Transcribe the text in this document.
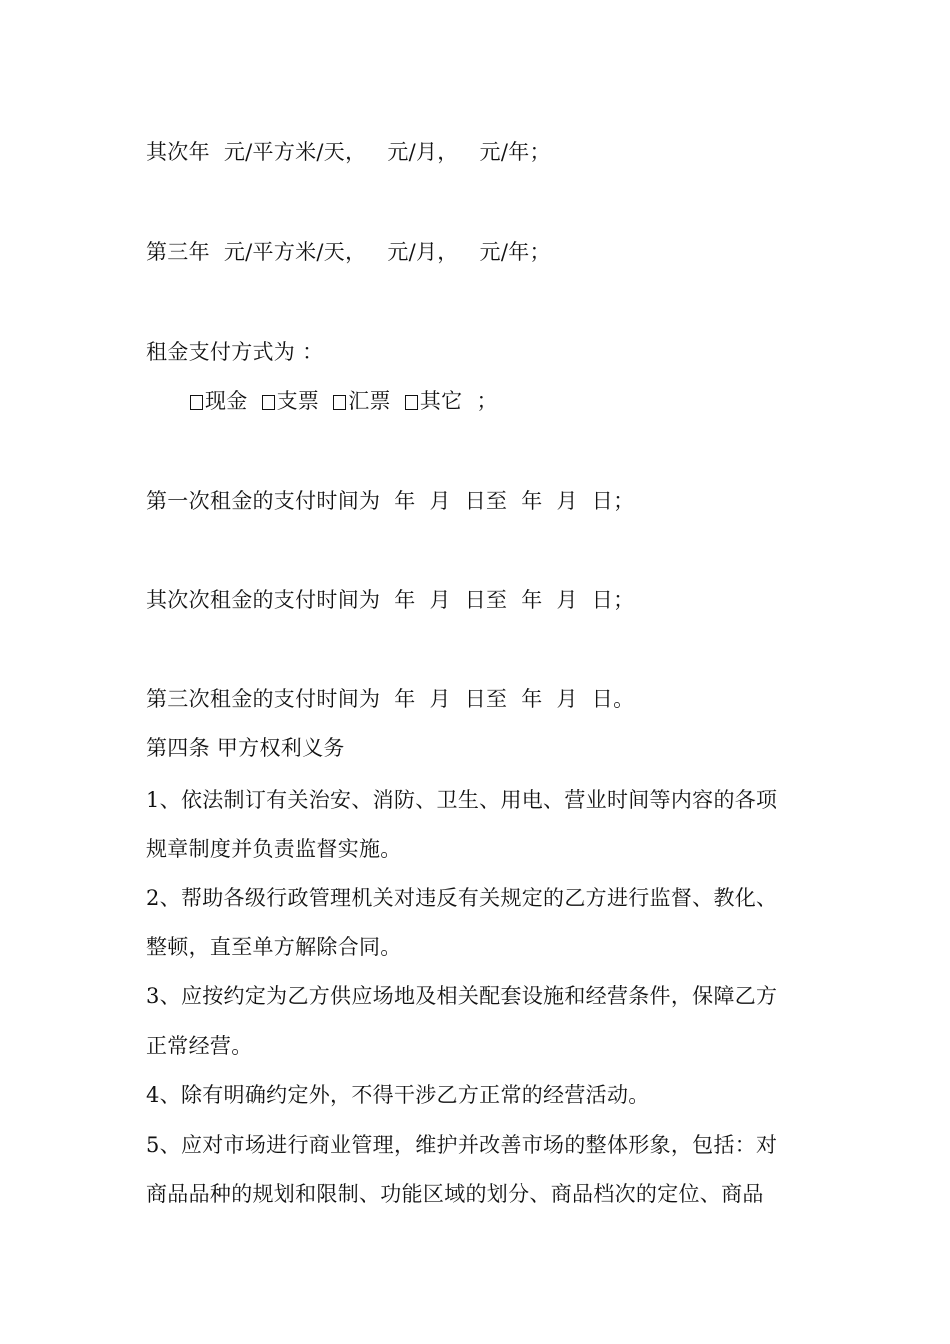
其次年  元/平方米/天，   元/月，   元/年；
第三年  元/平方米/天，   元/月，   元/年；
租金支付方式为 ：
现金 支票 汇票 其它 ；
第一次租金的支付时间为  年  月  日至  年  月  日；
其次次租金的支付时间为  年  月  日至  年  月  日；
第三次租金的支付时间为  年  月  日至  年  月  日。
第四条 甲方权利义务
1、依法制订有关治安、消防、卫生、用电、营业时间等内容的各项
规章制度并负责监督实施。
2、帮助各级行政管理机关对违反有关规定的乙方进行监督、教化、
整顿，直至单方解除合同。
3、应按约定为乙方供应场地及相关配套设施和经营条件，保障乙方
正常经营。
4、除有明确约定外，不得干涉乙方正常的经营活动。
5、应对市场进行商业管理，维护并改善市场的整体形象，包括：对
商品品种的规划和限制、功能区域的划分、商品档次的定位、商品
